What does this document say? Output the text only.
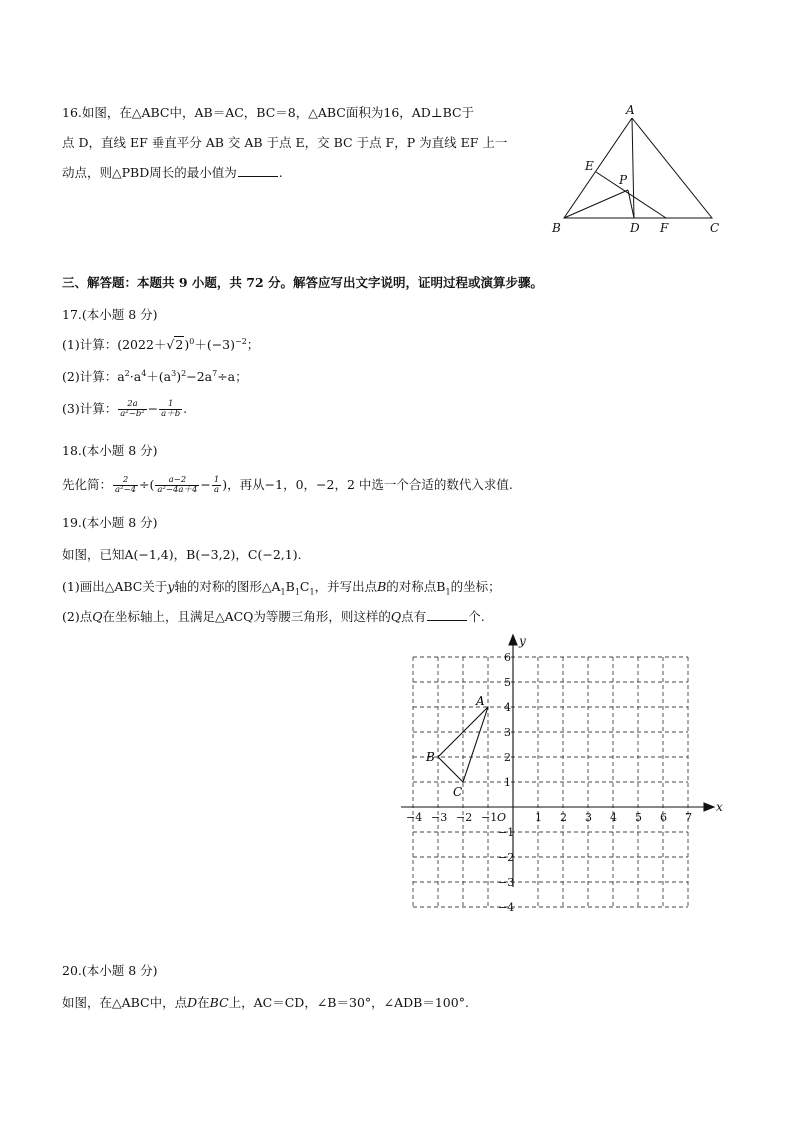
16.如图，在△ABC中，AB＝AC，BC＝8，△ABC面积为16，AD⊥BC于
点 D，直线 EF 垂直平分 AB 交 AB 于点 E，交 BC 于点 F，P 为直线 EF 上一
动点，则△PBD周长的最小值为	.
A
B	C
D
E
F
P
三、解答题：本题共 9 小题，共 72 分。解答应写出文字说明，证明过程或演算步骤。
17.(本小题 8 分)
(1)计算：$(2022+√2)^0+(-3)^{-2}$；
(2)计算：$a^2\cdot a^4+(a^3)^2-2a^7\div a$；
(3)计算： $\frac{2a}{\text{a²−b²}} - \frac{1}{a+b}$ .
18.(本小题 8 分)
先化简： $\frac{2}{\text{a²−4}}$ ÷( $\frac{a-2}{\text{a²−4a＋4}} - \frac{1}{a}$ )，再从−1，0，−2，2 中选一个合适的数代入求值.
19.(本小题 8 分)
如图，已知A(−1,4)，B(−3,2)，C(−2,1).
(1)画出△ABC关于y轴的对称的图形$\triangle A_1B_1C_1$，并写出点B的对称点$B_1$的坐标；
(2)点Q在坐标轴上，且满足△ACQ为等腰三角形，则这样的Q点有	个.
x
y
O
−4 −3 −2 −1	1 2 3 4 5 6 7
6
5
4
3
2
1
−1
−2
−3
−4
A
B
C
20.(本小题 8 分)
如图，在△ABC中，点D在BC上，AC＝CD，∠B＝30°，∠ADB＝100°.
